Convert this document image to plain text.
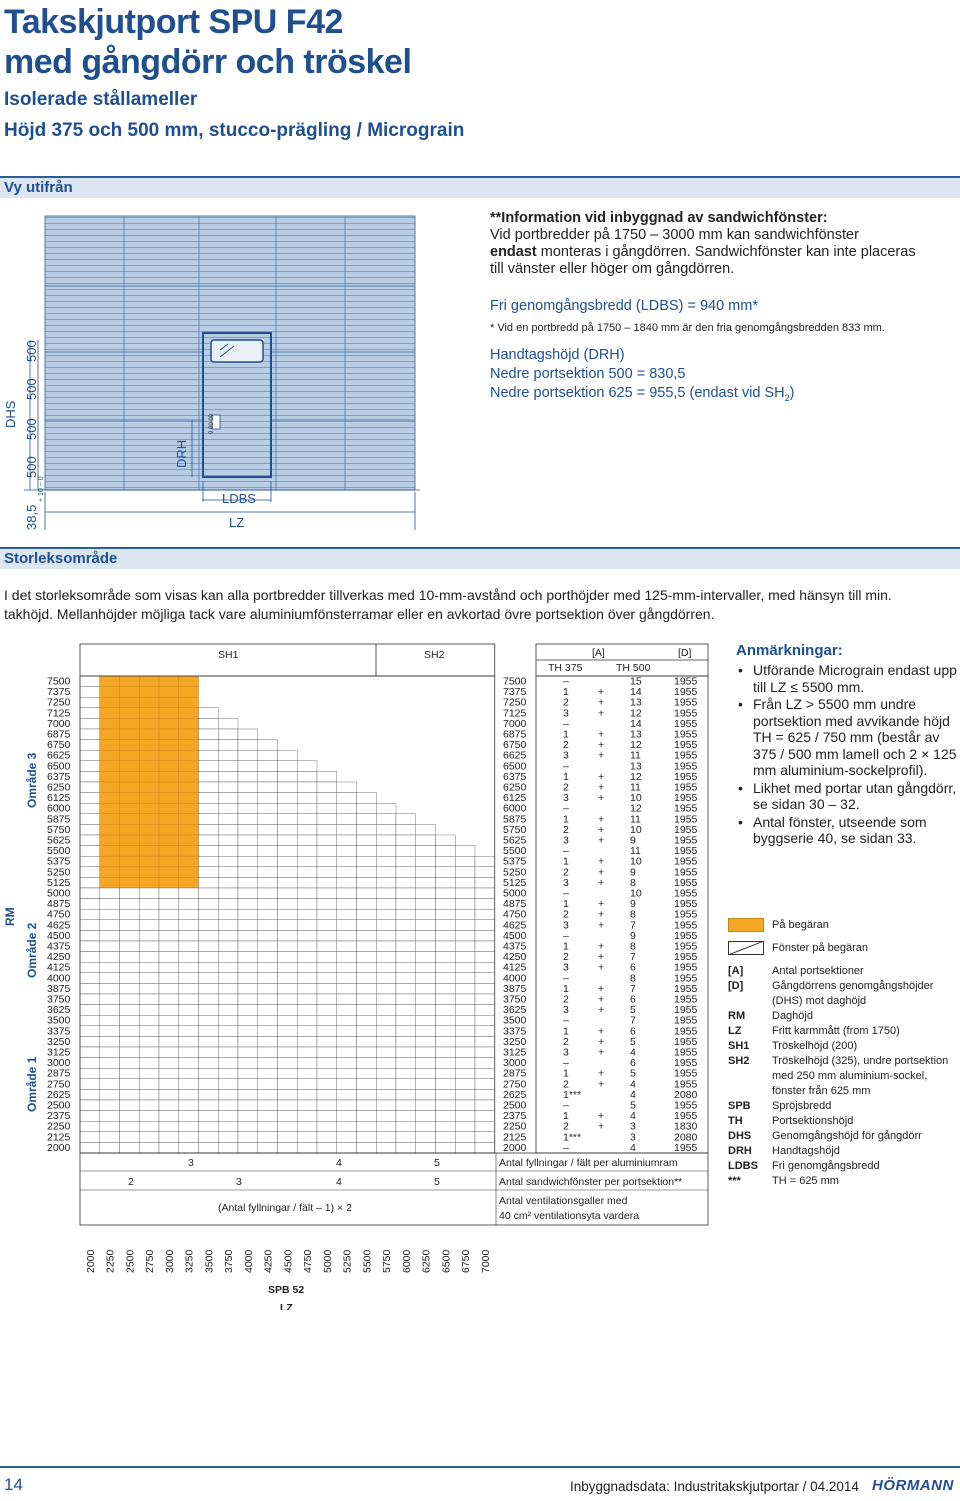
Takskjutport SPU F42
med gångdörr och tröskel
Isolerade stållameller
Höjd 375 och 500 mm, stucco-prägling / Micrograin
Vy utifrån
DHS
500
500
500
500
38,5
+ 10 − 0
DRH
9 00 00
LDBS
LZ
**Information vid inbyggnad av sandwichfönster:
Vid portbredder på 1750 – 3000 mm kan sandwichfönster
endast monteras i gångdörren. Sandwichfönster kan inte placeras
till vänster eller höger om gångdörren.
Fri genomgångsbredd (LDBS) = 940 mm*
* Vid en portbredd på 1750 – 1840 mm är den fria genomgångsbredden 833 mm.
Handtagshöjd (DRH)
Nedre portsektion 500 = 830,5
Nedre portsektion 625 = 955,5 (endast vid $SH_2$)
Storleksområde
I det storleksområde som visas kan alla portbredder tillverkas med 10-mm-avstånd och porthöjder med 125-mm-intervaller, med hänsyn till min. takhöjd. Mellanhöjder möjliga tack vare aluminiumfönsterramar eller en avkortad övre portsektion över gångdörren.
SH1	SH2	[A]	[D]
TH 375	TH 500
7500	7500	–	15	1955
7375	7375	1	+ 14	1955
7250	7250	2	+ 13	1955
7125	7125	3	+ 12	1955
7000	7000	–	14	1955
6875	6875	1	+ 13	1955
6750	6750	2	+ 12	1955
6625	6625	3	+ 11	1955
6500	6500	–	13	1955
6375	6375	1	+ 12	1955
6250	6250	2	+ 11	1955
6125	6125	3	+ 10	1955
6000	6000	–	12	1955
5875	5875	1	+ 11	1955
5750	5750	2	+ 10	1955
5625	5625	3	+ 9	1955
5500	5500	–	11	1955
5375	5375	1	+ 10	1955
5250	5250	2	+ 9	1955
5125	5125	3	+ 8	1955
5000	5000	–	10	1955
4875	4875	1	+ 9	1955
4750	4750	2	+ 8	1955
4625	4625	3	+ 7	1955
4500	4500	–	9	1955
4375	4375	1	+ 8	1955
4250	4250	2	+ 7	1955
4125	4125	3	+ 6	1955
4000	4000	–	8	1955
3875	3875	1	+ 7	1955
3750	3750	2	+ 6	1955
3625	3625	3	+ 5	1955
3500	3500	–	7	1955
3375	3375	1	+ 6	1955
3250	3250	2	+ 5	1955
3125	3125	3	+ 4	1955
3000	3000	–	6	1955
2875	2875	1	+ 5	1955
2750	2750	2	+ 4	1955
2625	2625	1***	4	2080
2500	2500	–	5	1955
2375	2375	1	+ 4	1955
2250	2250	2	+ 3	1830
2125	2125	1***	3	2080
2000	2000	–	4	1955
3	4	5	Antal fyllningar / fält per aluminiumram
2	3	4	5	Antal sandwichfönster per portsektion**
(Antal fyllningar / fält – 1) × 2
Antal ventilationsgaller med
40 cm² ventilationsyta vardera
2000 2250 2500 2750 3000 3250 3500 3750 4000 4250 4500 4750 5000 5250 5500 5750 6000 6250 6500 6750 7000
SPB 52
LZ
RM
Område 3
Område 2
Område 1
Anmärkningar:
• Utförande Micrograin endast upp till LZ ≤ 5500 mm.
• Från LZ > 5500 mm undre portsektion med avvikande höjd TH = 625 / 750 mm (består av 375 / 500 mm lamell och 2 × 125 mm aluminium-sockelprofil).
• Likhet med portar utan gångdörr, se sidan 30 – 32.
• Antal fönster, utseende som byggserie 40, se sidan 33.
På begäran
Fönster på begäran
[A]	Antal portsektioner
[D]	Gångdörrens genomgångshöjder (DHS) mot daghöjd
RM	Daghöjd
LZ	Fritt karmmått (from 1750)
SH1	Tröskelhöjd (200)
SH2	Tröskelhöjd (325), undre portsektion med 250 mm aluminium-sockel, fönster från 625 mm
SPB	Spröjsbredd
TH	Portsektionshöjd
DHS	Genomgångshöjd för gångdörr
DRH	Handtagshöjd
LDBS	Fri genomgångsbredd
***	TH = 625 mm
14	Inbyggnadsdata: Industritakskjutportar / 04.2014 HÖRMANN
